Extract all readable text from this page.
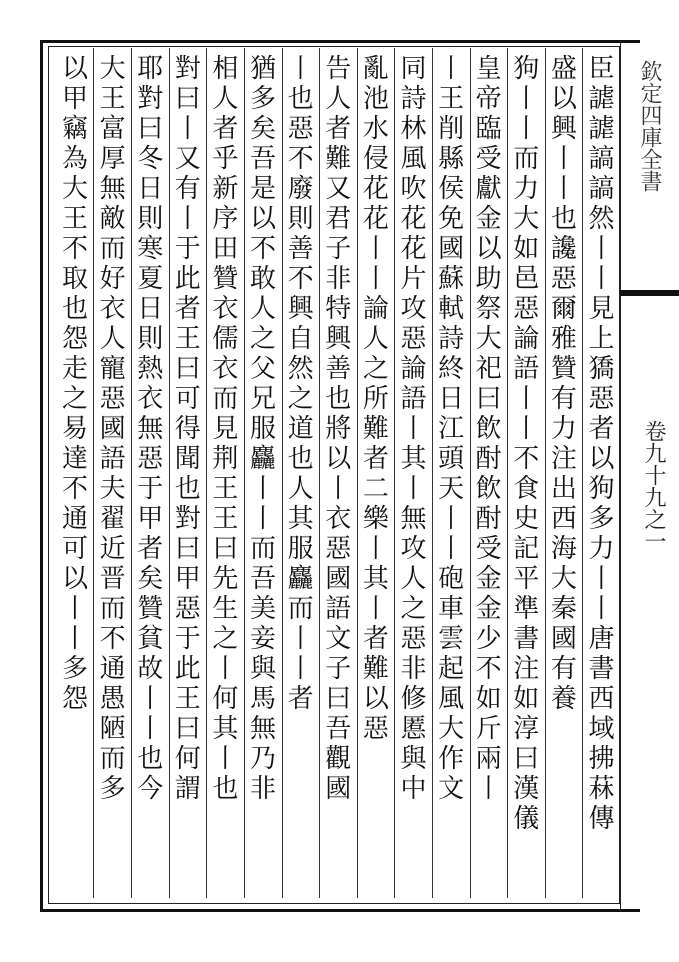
欽定四庫全書
卷九十九之一
臣謔謔謞謞然丨丨見上獢惡者以狗多力丨丨唐書西域拂菻傳
盛以興丨丨也讒惡爾雅贊有力注出西海大秦國有養
狗丨丨而力大如邑惡論語丨丨不食史記平準書注如淳曰漢儀
皇帝臨受獻金以助祭大祀曰飲酎飲酎受金金少不如斤兩丨
丨王削縣侯免國蘇軾詩終日江頭天丨丨砲車雲起風大作文
同詩林風吹花花片攻惡論語丨其丨無攻人之惡非修慝與中
亂池水侵花花丨丨論人之所難者二樂丨其丨者難以惡
告人者難又君子非特興善也將以丨衣惡國語文子曰吾觀國
丨也惡不廢則善不興自然之道也人其服麤而丨丨者
猶多矣吾是以不敢人之父兄服麤丨丨而吾美妾與馬無乃非
相人者乎新序田贊衣儒衣而見荆王王曰先生之丨何其丨也
對曰丨又有丨于此者王曰可得聞也對曰甲惡于此王曰何謂
耶對曰冬日則寒夏日則熱衣無惡于甲者矣贊貧故丨丨也今
大王富厚無敵而好衣人寵惡國語夫翟近晋而不通愚陋而多
以甲竊為大王不取也怨走之易達不通可以丨丨多怨
